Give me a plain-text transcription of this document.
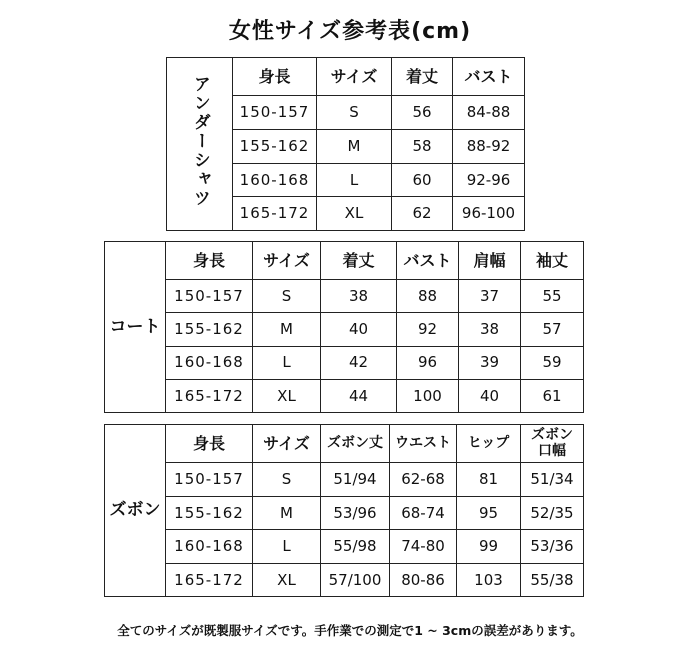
女性サイズ参考表(cm)
アンダーシャツ	身長	サイズ	着丈	バスト
	150-157	S	56	84-88
	155-162	M	58	88-92
	160-168	L	60	92-96
	165-172	XL	62	96-100
コート	身長	サイズ	着丈	バスト	肩幅	袖丈
	150-157	S	38	88	37	55
	155-162	M	40	92	38	57
	160-168	L	42	96	39	59
	165-172	XL	44	100	40	61
ズボン	身長	サイズ	ズボン丈	ウエスト	ヒップ	ズボン口幅
	150-157	S	51/94	62-68	81	51/34
	155-162	M	53/96	68-74	95	52/35
	160-168	L	55/98	74-80	99	53/36
	165-172	XL	57/100	80-86	103	55/38
全てのサイズが既製服サイズです。手作業での測定で1 ~ 3cmの誤差があります。
